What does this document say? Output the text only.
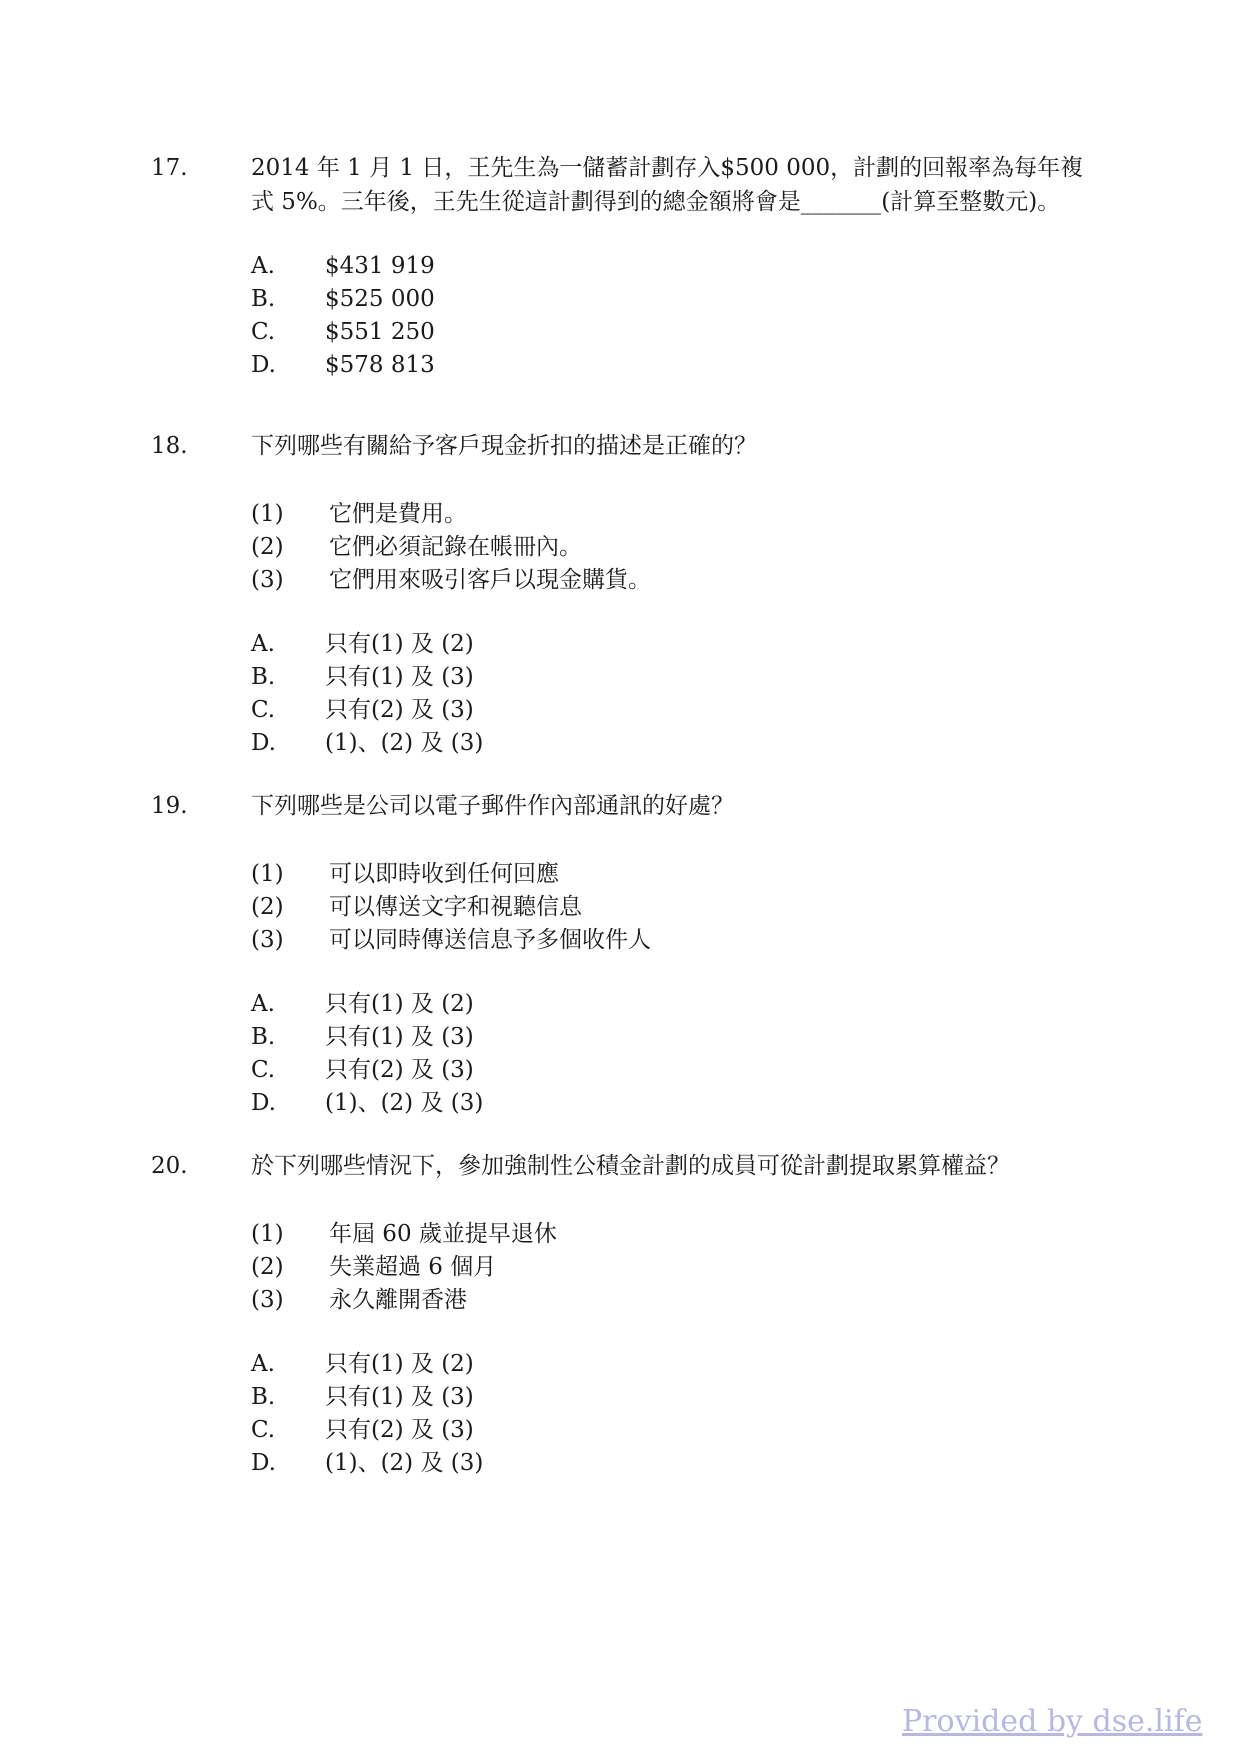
17.	2014 年 1 月 1 日，王先生為一儲蓄計劃存入$500 000，計劃的回報率為每年複
式 5%。三年後，王先生從這計劃得到的總金額將會是_______(計算至整數元)。
A. $431 919
B. $525 000
C. $551 250
D. $578 813
18.	下列哪些有關給予客戶現金折扣的描述是正確的？
(1) 它們是費用。
(2) 它們必須記錄在帳冊內。
(3) 它們用來吸引客戶以現金購貨。
A. 只有(1) 及 (2)
B. 只有(1) 及 (3)
C. 只有(2) 及 (3)
D. (1)、(2) 及 (3)
19.	下列哪些是公司以電子郵件作內部通訊的好處？
(1) 可以即時收到任何回應
(2) 可以傳送文字和視聽信息
(3) 可以同時傳送信息予多個收件人
A. 只有(1) 及 (2)
B. 只有(1) 及 (3)
C. 只有(2) 及 (3)
D. (1)、(2) 及 (3)
20.	於下列哪些情況下，參加強制性公積金計劃的成員可從計劃提取累算權益？
(1) 年屆 60 歲並提早退休
(2) 失業超過 6 個月
(3) 永久離開香港
A. 只有(1) 及 (2)
B. 只有(1) 及 (3)
C. 只有(2) 及 (3)
D. (1)、(2) 及 (3)
Provided by dse.life
